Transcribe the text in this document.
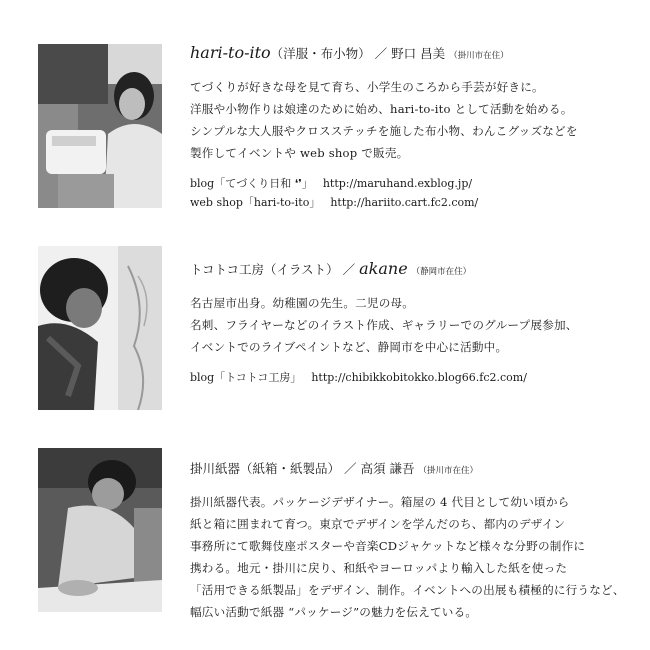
hari-to-ito（洋服・布小物） ／ 野口 昌美 （掛川市在住）

てづくりが好きな母を見て育ち、小学生のころから手芸が好きに。
洋服や小物作りは娘達のために始め、hari-to-ito として活動を始める。
シンプルな大人服やクロスステッチを施した布小物、わんこグッズなどを
製作してイベントや web shop で販売。
blog「てづくり日和 ❛❜」 http://maruhand.exblog.jp/
web shop「hari-to-ito」 http://hariito.cart.fc2.com/

トコトコ工房（イラスト） ／ akane （静岡市在住）

名古屋市出身。幼稚園の先生。二児の母。
名刺、フライヤーなどのイラスト作成、ギャラリーでのグループ展参加、
イベントでのライブペイントなど、静岡市を中心に活動中。
blog「トコトコ工房」 http://chibikkobitokko.blog66.fc2.com/

掛川紙器（紙箱・紙製品） ／ 高須 謙吾 （掛川市在住）

掛川紙器代表。パッケージデザイナー。箱屋の 4 代目として幼い頃から
紙と箱に囲まれて育つ。東京でデザインを学んだのち、都内のデザイン
事務所にて歌舞伎座ポスターや音楽CDジャケットなど様々な分野の制作に
携わる。地元・掛川に戻り、和紙やヨーロッパより輸入した紙を使った
「活用できる紙製品」をデザイン、制作。イベントへの出展も積極的に行うなど、
幅広い活動で紙器 “パッケージ”の魅力を伝えている。
